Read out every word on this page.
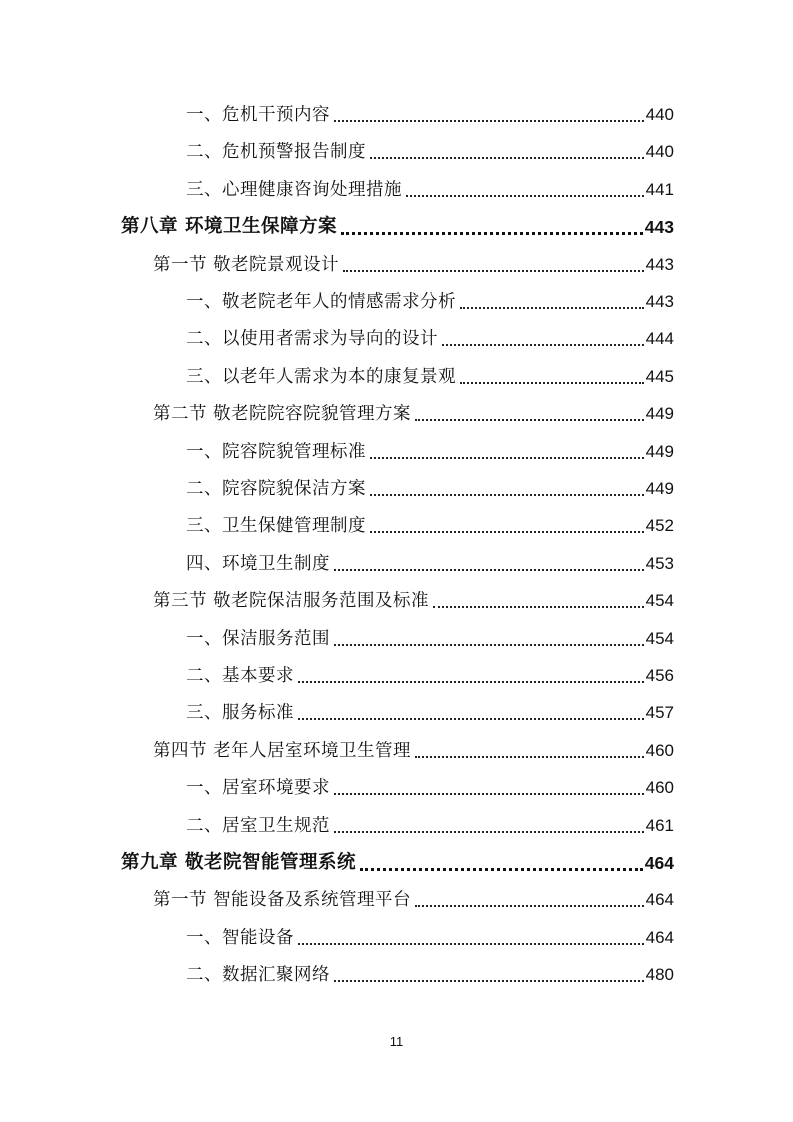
一、危机干预内容	440
二、危机预警报告制度	440
三、心理健康咨询处理措施	441
第八章 环境卫生保障方案	443
第一节 敬老院景观设计	443
一、敬老院老年人的情感需求分析	443
二、以使用者需求为导向的设计	444
三、以老年人需求为本的康复景观	445
第二节 敬老院院容院貌管理方案	449
一、院容院貌管理标准	449
二、院容院貌保洁方案	449
三、卫生保健管理制度	452
四、环境卫生制度	453
第三节 敬老院保洁服务范围及标准	454
一、保洁服务范围	454
二、基本要求	456
三、服务标准	457
第四节 老年人居室环境卫生管理	460
一、居室环境要求	460
二、居室卫生规范	461
第九章 敬老院智能管理系统	464
第一节 智能设备及系统管理平台	464
一、智能设备	464
二、数据汇聚网络	480
11
